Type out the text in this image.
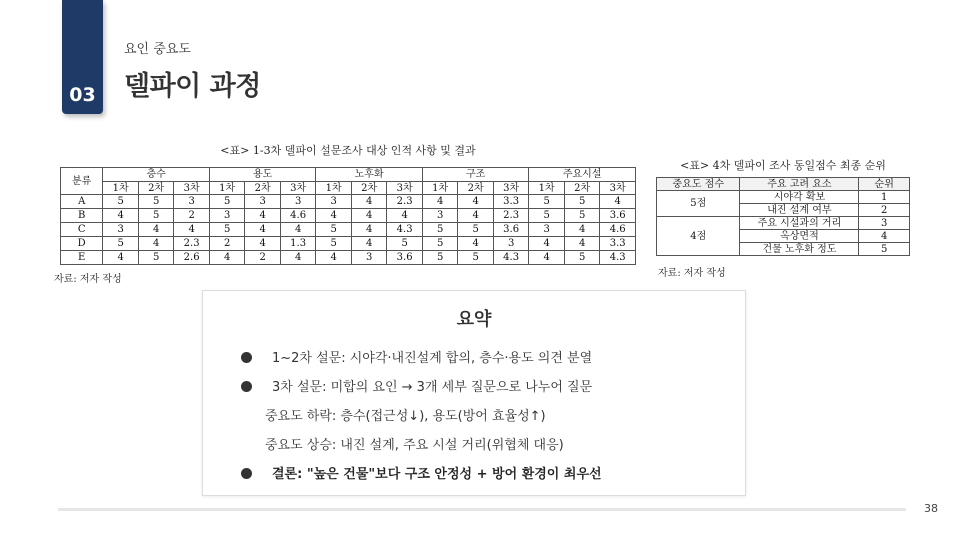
03
요인 중요도
델파이 과정
<표> 1-3차 델파이 설문조사 대상 인적 사항 및 결과
분류	층수			용도			노후화			구조			주요시설		
	1차	2차	3차	1차	2차	3차	1차	2차	3차	1차	2차	3차	1차	2차	3차
A	5	5	3	5	3	3	3	4	2.3	4	4	3.3	5	5	4
B	4	5	2	3	4	4.6	4	4	4	3	4	2.3	5	5	3.6
C	3	4	4	5	4	4	5	4	4.3	5	5	3.6	3	4	4.6
D	5	4	2.3	2	4	1.3	5	4	5	5	4	3	4	4	3.3
E	4	5	2.6	4	2	4	4	3	3.6	5	5	4.3	4	5	4.3
자료: 저자 작성
<표> 4차 델파이 조사 동일점수 최종 순위
중요도 점수	주요 고려 요소	순위
5점	시야각 확보	1
	내진 설계 여부	2
4점	주요 시설과의 거리	3
	옥상면적	4
	건물 노후화 정도	5
자료: 저자 작성
요약
1~2차 설문: 시야각·내진설계 합의, 층수·용도 의견 분열
3차 설문: 미합의 요인 → 3개 세부 질문으로 나누어 질문
중요도 하락: 층수(접근성↓), 용도(방어 효율성↑)
중요도 상승: 내진 설계, 주요 시설 거리(위협체 대응)
결론: "높은 건물"보다 구조 안정성 + 방어 환경이 최우선
38
